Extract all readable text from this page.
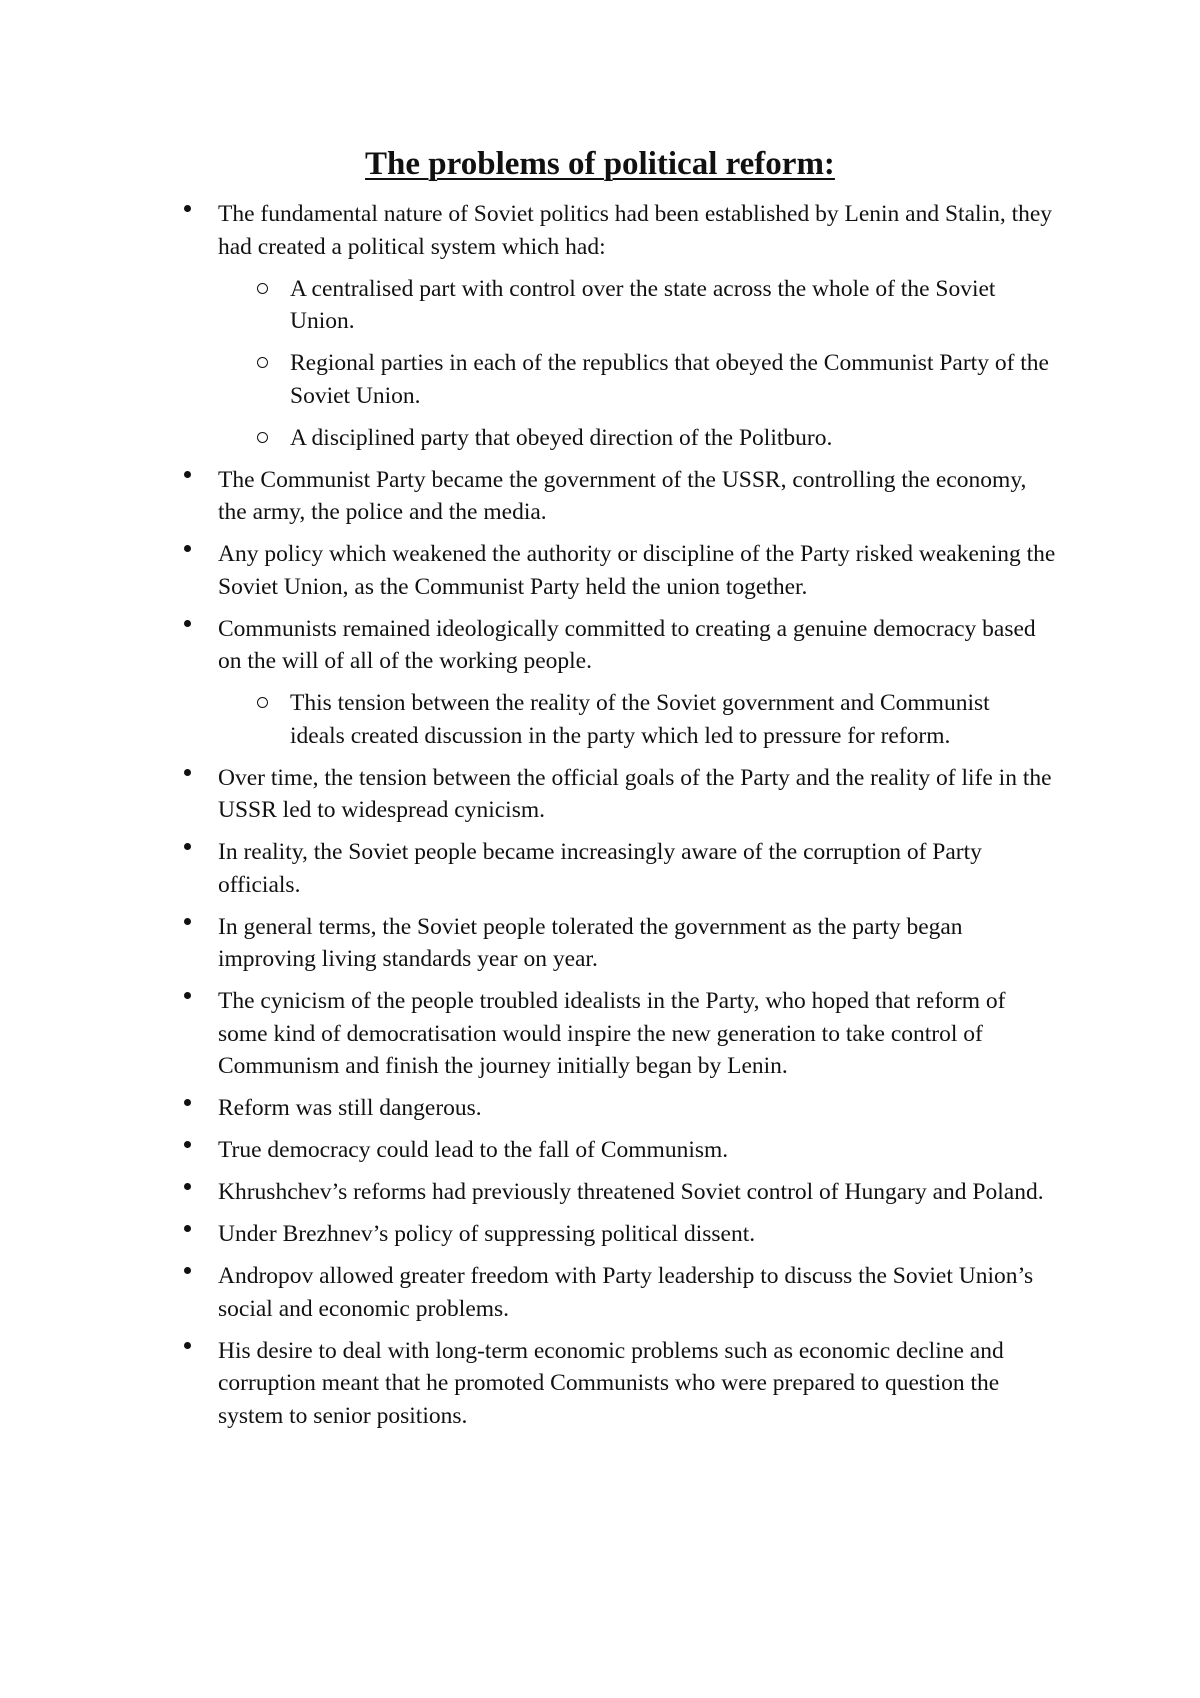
The problems of political reform:
The fundamental nature of Soviet politics had been established by Lenin and Stalin, they had created a political system which had:
A centralised part with control over the state across the whole of the Soviet Union.
Regional parties in each of the republics that obeyed the Communist Party of the Soviet Union.
A disciplined party that obeyed direction of the Politburo.
The Communist Party became the government of the USSR, controlling the economy, the army, the police and the media.
Any policy which weakened the authority or discipline of the Party risked weakening the Soviet Union, as the Communist Party held the union together.
Communists remained ideologically committed to creating a genuine democracy based on the will of all of the working people.
This tension between the reality of the Soviet government and Communist ideals created discussion in the party which led to pressure for reform.
Over time, the tension between the official goals of the Party and the reality of life in the USSR led to widespread cynicism.
In reality, the Soviet people became increasingly aware of the corruption of Party officials.
In general terms, the Soviet people tolerated the government as the party began improving living standards year on year.
The cynicism of the people troubled idealists in the Party, who hoped that reform of some kind of democratisation would inspire the new generation to take control of Communism and finish the journey initially began by Lenin.
Reform was still dangerous.
True democracy could lead to the fall of Communism.
Khrushchev’s reforms had previously threatened Soviet control of Hungary and Poland.
Under Brezhnev’s policy of suppressing political dissent.
Andropov allowed greater freedom with Party leadership to discuss the Soviet Union’s social and economic problems.
His desire to deal with long-term economic problems such as economic decline and corruption meant that he promoted Communists who were prepared to question the system to senior positions.
